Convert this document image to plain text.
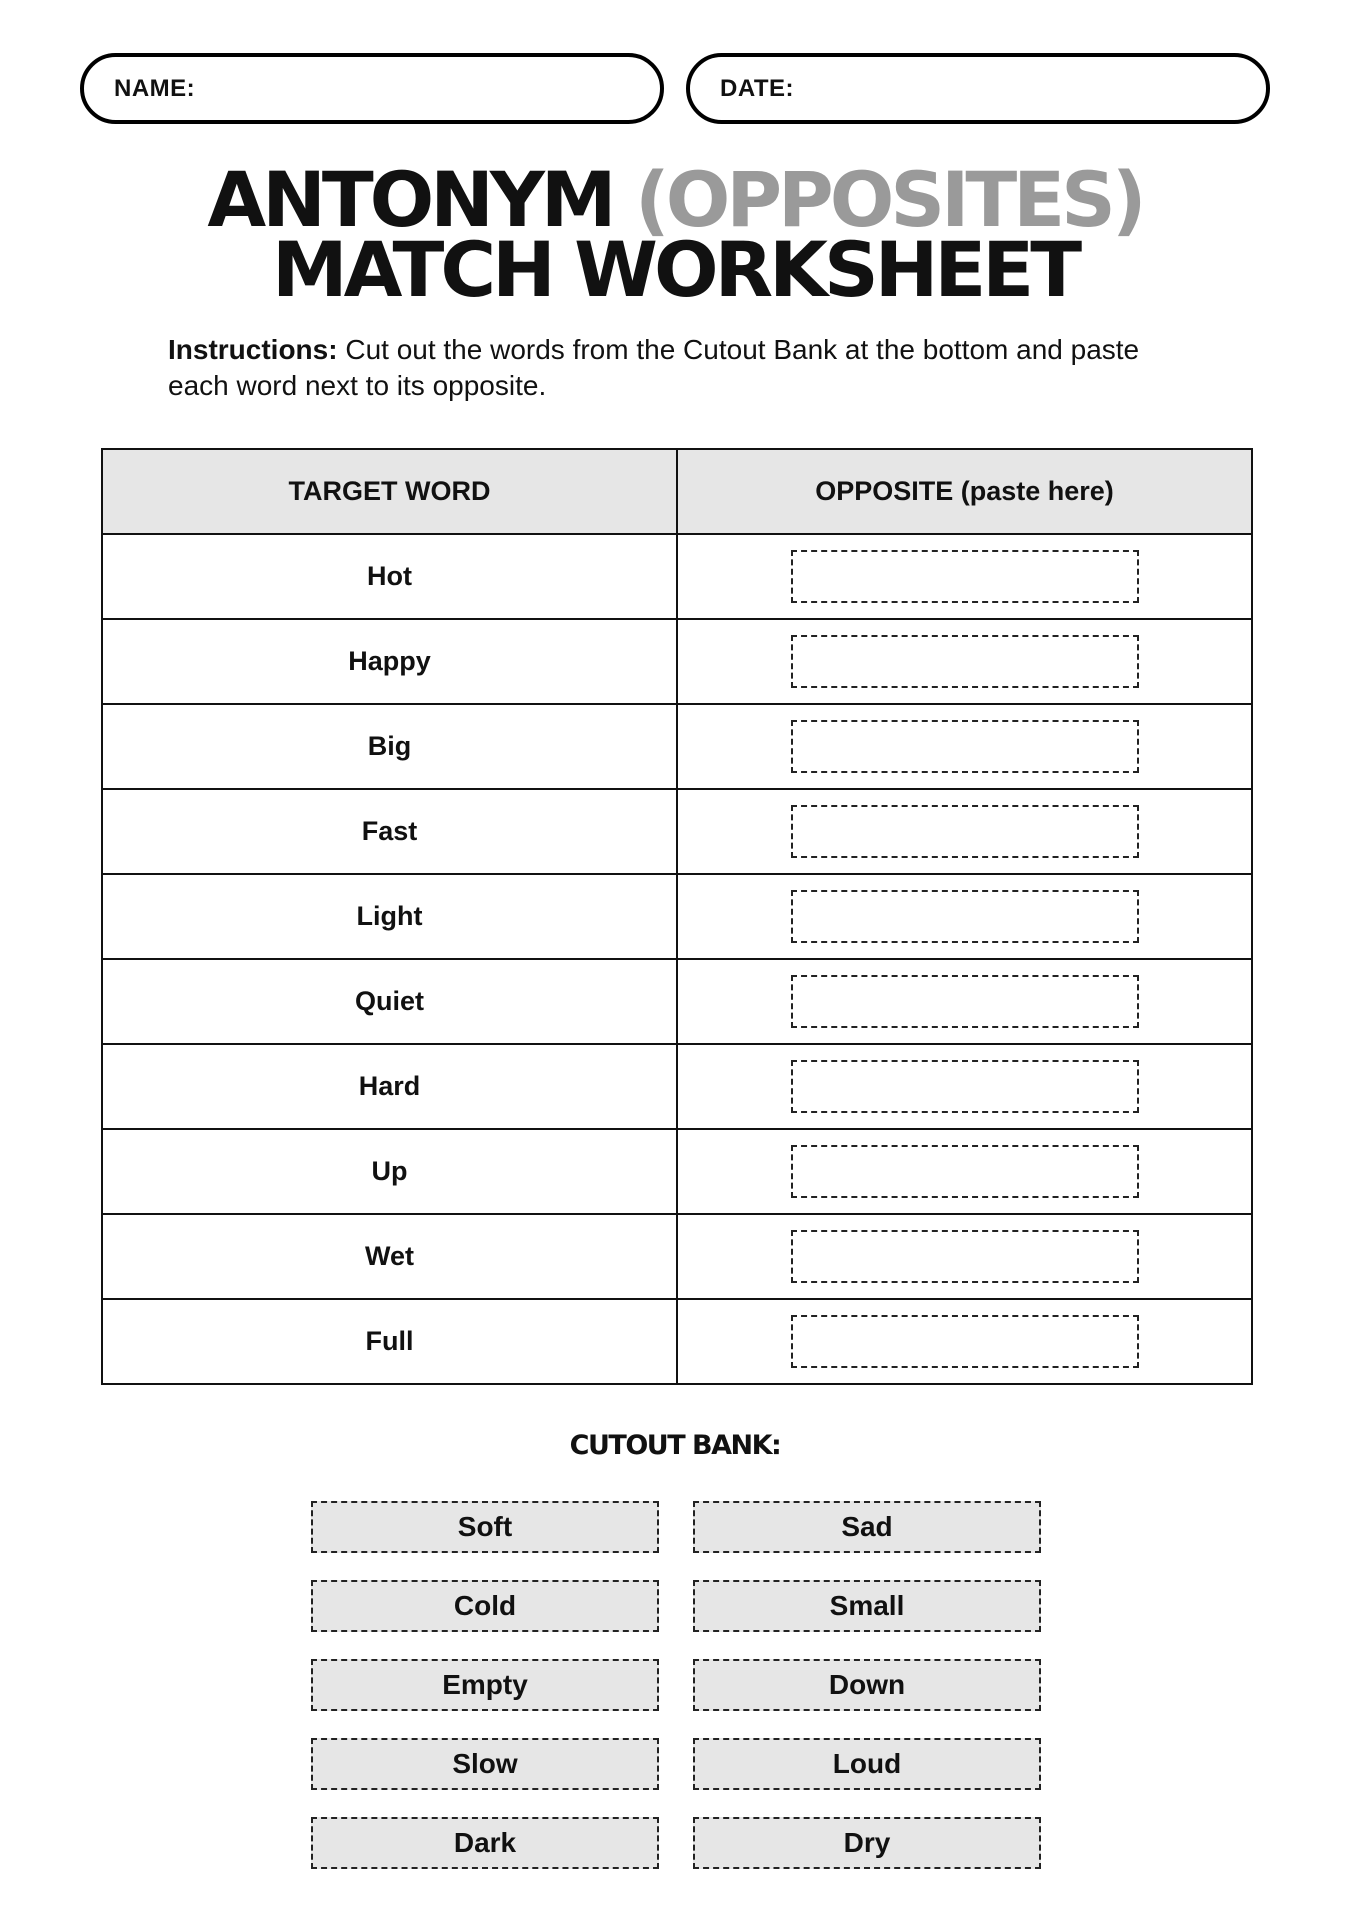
NAME:	DATE:
ANTONYM (OPPOSITES)
MATCH WORKSHEET
Instructions: Cut out the words from the Cutout Bank at the bottom and paste each word next to its opposite.
TARGET WORD	OPPOSITE (paste here)
Hot	
Happy	
Big	
Fast	
Light	
Quiet	
Hard	
Up	
Wet	
Full	
CUTOUT BANK:
Soft	Sad
Cold	Small
Empty	Down
Slow	Loud
Dark	Dry
